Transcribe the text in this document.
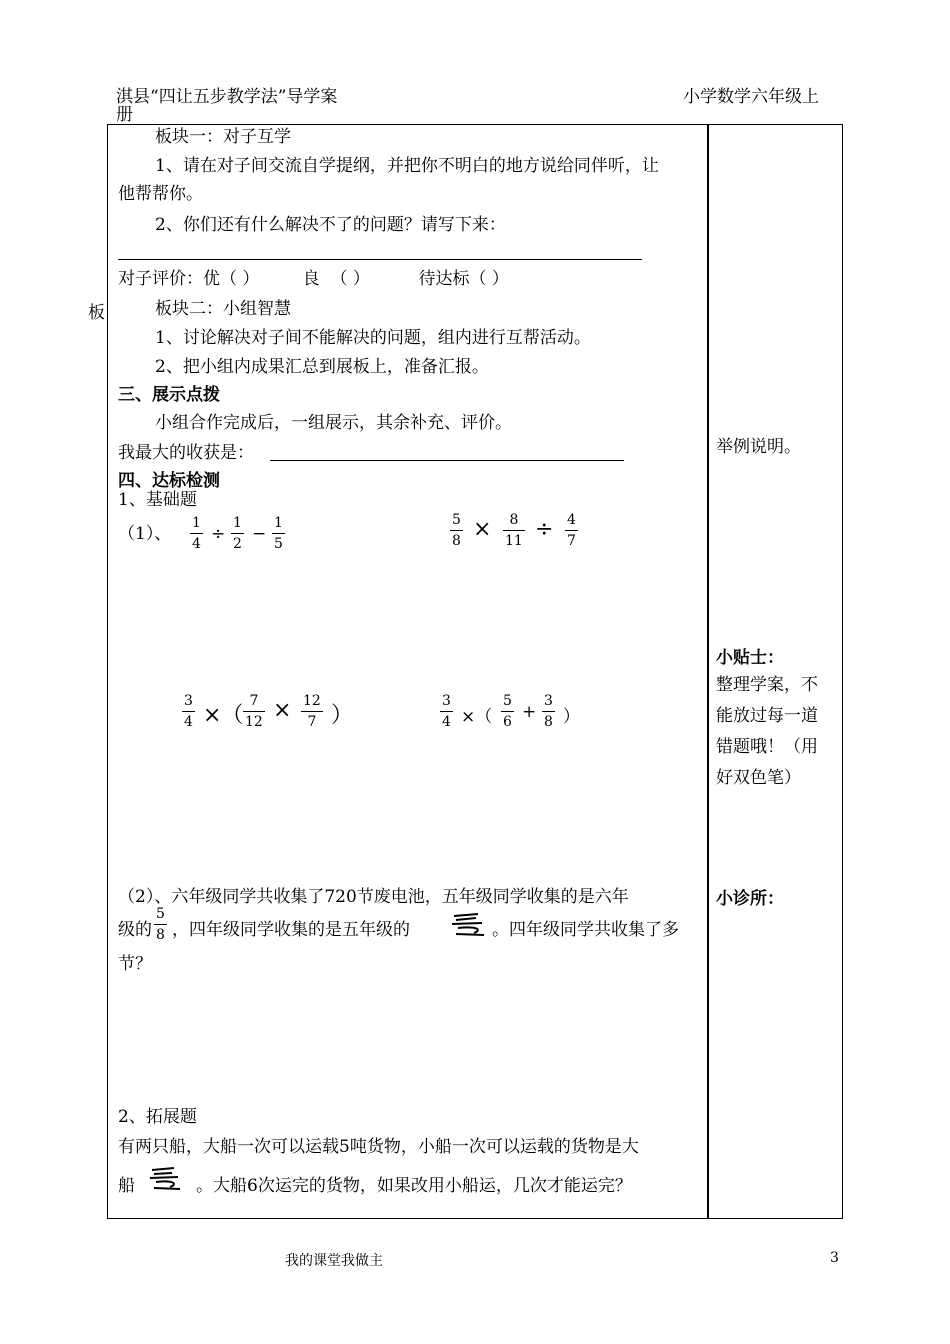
淇县“四让五步教学法”导学案
册
小学数学六年级上
板
板块一：对子互学
1、请在对子间交流自学提纲，并把你不明白的地方说给同伴听，让
他帮帮你。
2、你们还有什么解决不了的问题？请写下来：
对子评价：优（ ）        良  （ ）         待达标（ ）
板块二：小组智慧
1、讨论解决对子间不能解决的问题，组内进行互帮活动。
2、把小组内成果汇总到展板上，准备汇报。
三、展示点拨
小组合作完成后，一组展示，其余补充、评价。
我最大的收获是：
四、达标检测
1、基础题
（1）、
1
4 ÷
1
2 −
1
5
5
8 × 8
11 ÷ 4
7
3
4 ×（
7
12 × 12
7 ）
3
4 ×（
5
6 +
3
8 ）
（2）、六年级同学共收集了720节废电池，五年级同学收集的是六年
级的
5
8 ，四年级同学收集的是五年级的	。四年级同学共收集了多
节？
2、拓展题
有两只船，大船一次可以运载5吨货物，小船一次可以运载的货物是大
船	。大船6次运完的货物，如果改用小船运，几次才能运完？
举例说明。
小贴士：
整理学案，不能放过每一道错题哦！（用好双色笔）
小诊所：
我的课堂我做主	3
